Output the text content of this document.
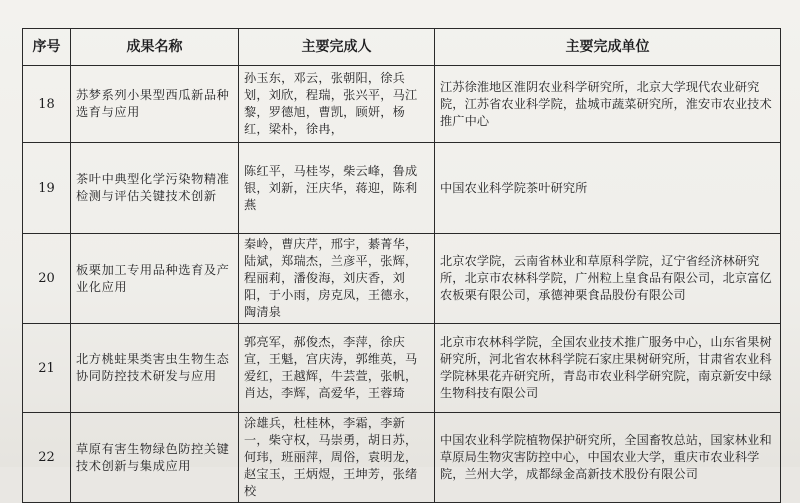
序号	成果名称	主要完成人	主要完成单位
18	苏梦系列小果型西瓜新品种选育与应用	孙玉东，邓云，张朝阳，徐兵划，刘欣，程瑞，张兴平，马江黎，罗德旭，曹凯，顾妍，杨红，梁朴，徐冉，	江苏徐淮地区淮阴农业科学研究所，北京大学现代农业研究院，江苏省农业科学院，盐城市蔬菜研究所，淮安市农业技术推广中心
19	茶叶中典型化学污染物精准检测与评估关键技术创新	陈红平，马桂岑，柴云峰，鲁成银，刘新，汪庆华，蒋迎，陈利燕	中国农业科学院茶叶研究所
20	板栗加工专用品种选育及产业化应用	秦岭，曹庆芹，邢宇，綦菁华，陆斌，郑瑞杰，兰彦平，张辉，程丽莉，潘俊海，刘庆香，刘阳，于小雨，房克凤，王德永，陶清泉	北京农学院，云南省林业和草原科学院，辽宁省经济林研究所，北京市农林科学院，广州粒上皇食品有限公司，北京富亿农板栗有限公司，承德神栗食品股份有限公司
21	北方桃蛀果类害虫生物生态协同防控技术研发与应用	郭亮军，郝俊杰，李萍，徐庆宣，王魁，宫庆涛，郭维英，马爱红，王越辉，牛芸萱，张帆，肖达，李辉，高爱华，王蓉琦	北京市农林科学院，全国农业技术推广服务中心，山东省果树研究所，河北省农林科学院石家庄果树研究所，甘肃省农业科学院林果花卉研究所，青岛市农业科学研究院，南京新安中绿生物科技有限公司
22	草原有害生物绿色防控关键技术创新与集成应用	涂雄兵，杜桂林，李霜，李新一，柴守权，马崇勇，胡日苏，何玮，班丽萍，周俗，袁明龙，赵宝玉，王炳煜，王坤芳，张绪校	中国农业科学院植物保护研究所，全国畜牧总站，国家林业和草原局生物灾害防控中心，中国农业大学，重庆市农业科学院，兰州大学，成都绿金高新技术股份有限公司
